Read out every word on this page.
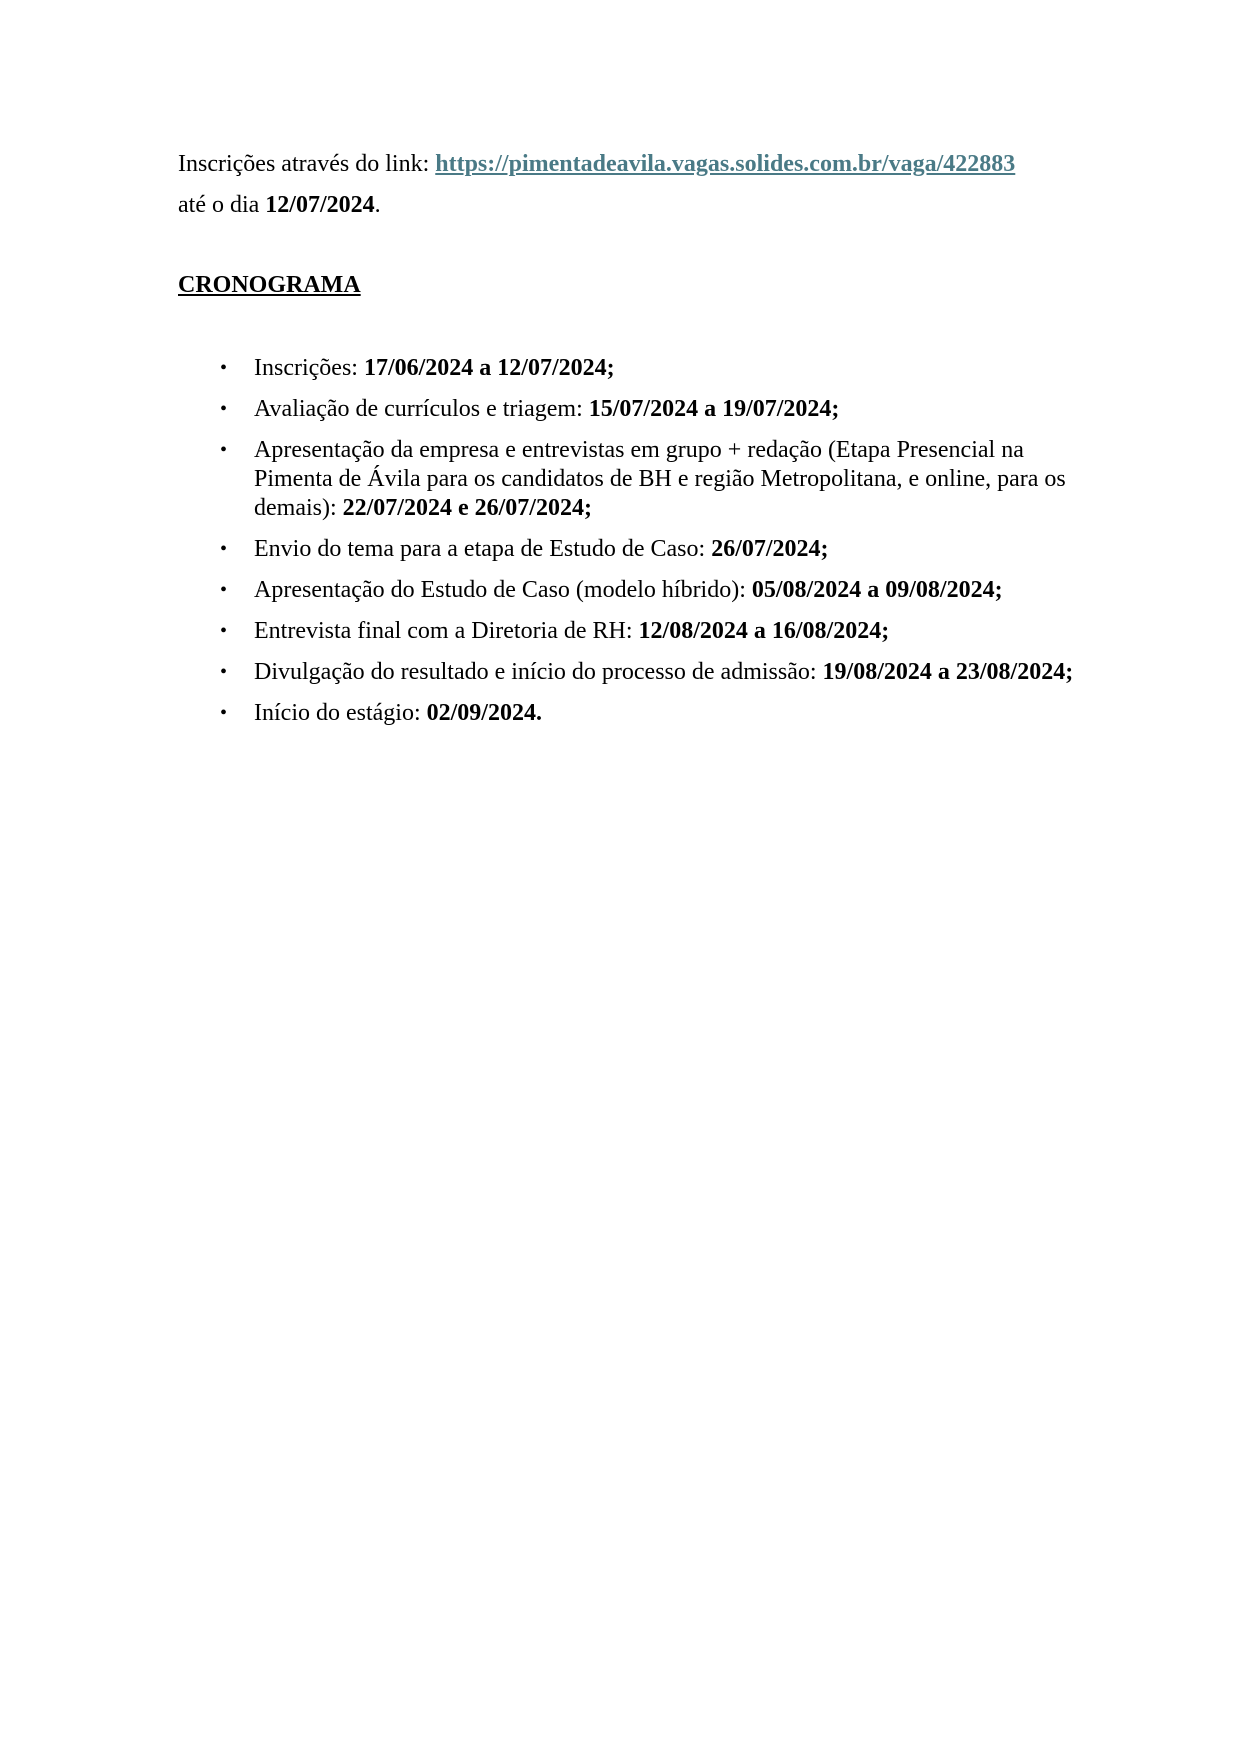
Inscrições através do link: https://pimentadeavila.vagas.solides.com.br/vaga/422883

até o dia 12/07/2024.

CRONOGRAMA
• Inscrições: 17/06/2024 a 12/07/2024;
• Avaliação de currículos e triagem: 15/07/2024 a 19/07/2024;
• Apresentação da empresa e entrevistas em grupo + redação (Etapa Presencial na Pimenta de Ávila para os candidatos de BH e região Metropolitana, e online, para os demais): 22/07/2024 e 26/07/2024;
• Envio do tema para a etapa de Estudo de Caso: 26/07/2024;
• Apresentação do Estudo de Caso (modelo híbrido): 05/08/2024 a 09/08/2024;
• Entrevista final com a Diretoria de RH: 12/08/2024 a 16/08/2024;
• Divulgação do resultado e início do processo de admissão: 19/08/2024 a 23/08/2024;
• Início do estágio: 02/09/2024.
